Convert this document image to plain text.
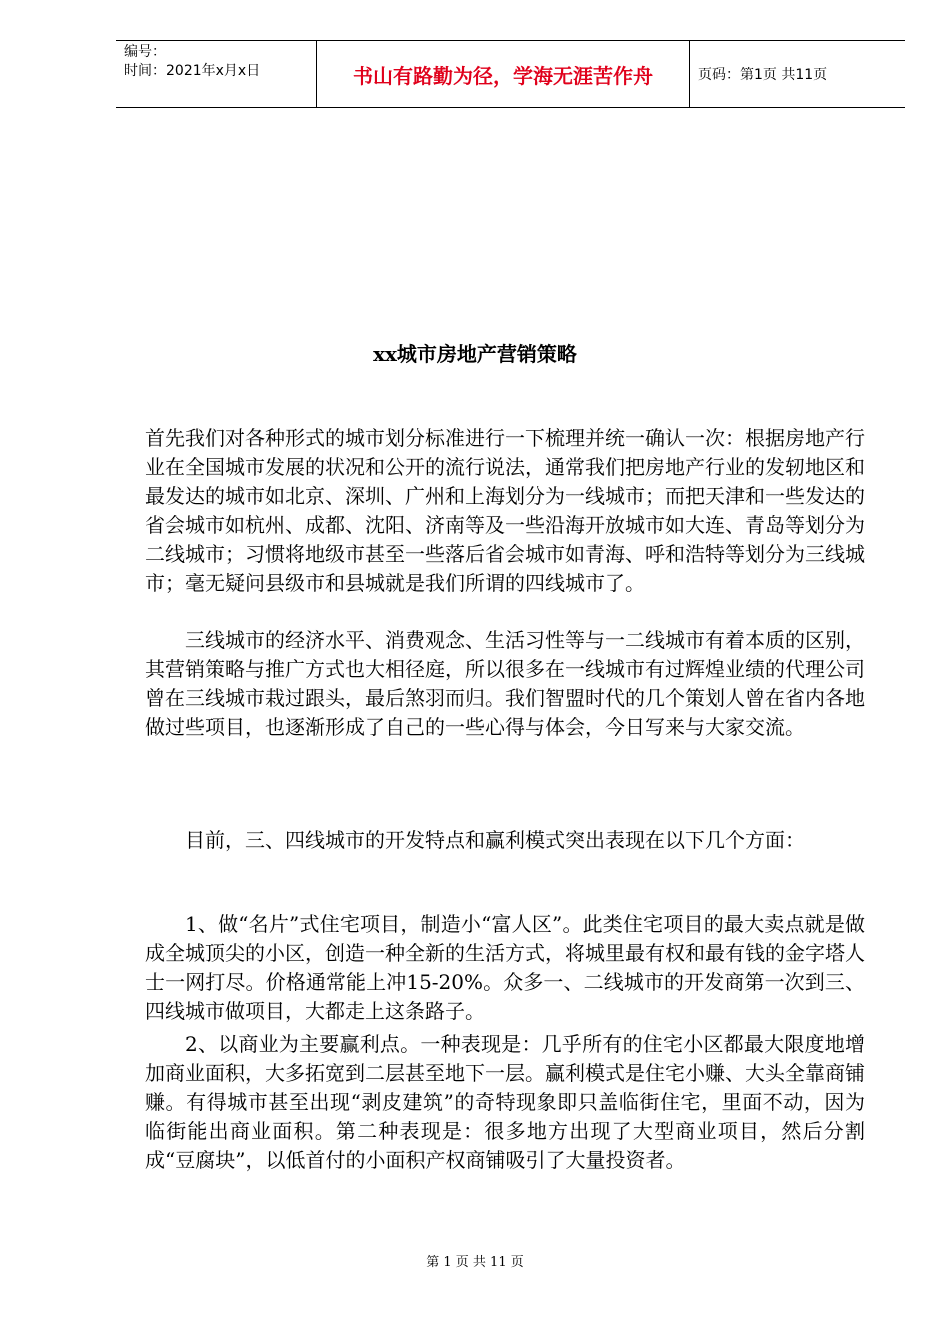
编号：
时间：2021年x月x日	书山有路勤为径，学海无涯苦作舟	页码：第1页 共11页
xx城市房地产营销策略

首先我们对各种形式的城市划分标准进行一下梳理并统一确认一次：根据房地产行业在全国城市发展的状况和公开的流行说法，通常我们把房地产行业的发轫地区和最发达的城市如北京、深圳、广州和上海划分为一线城市；而把天津和一些发达的省会城市如杭州、成都、沈阳、济南等及一些沿海开放城市如大连、青岛等划分为二线城市；习惯将地级市甚至一些落后省会城市如青海、呼和浩特等划分为三线城市；毫无疑问县级市和县城就是我们所谓的四线城市了。

三线城市的经济水平、消费观念、生活习性等与一二线城市有着本质的区别，其营销策略与推广方式也大相径庭，所以很多在一线城市有过辉煌业绩的代理公司曾在三线城市栽过跟头，最后煞羽而归。我们智盟时代的几个策划人曾在省内各地做过些项目，也逐渐形成了自己的一些心得与体会，今日写来与大家交流。

目前，三、四线城市的开发特点和赢利模式突出表现在以下几个方面：

1、做“名片”式住宅项目，制造小“富人区”。此类住宅项目的最大卖点就是做成全城顶尖的小区，创造一种全新的生活方式，将城里最有权和最有钱的金字塔人士一网打尽。价格通常能上冲15-20%。众多一、二线城市的开发商第一次到三、四线城市做项目，大都走上这条路子。

2、以商业为主要赢利点。一种表现是：几乎所有的住宅小区都最大限度地增加商业面积，大多拓宽到二层甚至地下一层。赢利模式是住宅小赚、大头全靠商铺赚。有得城市甚至出现“剥皮建筑”的奇特现象即只盖临街住宅，里面不动，因为临街能出商业面积。第二种表现是：很多地方出现了大型商业项目，然后分割成“豆腐块”，以低首付的小面积产权商铺吸引了大量投资者。

第 1 页 共 11 页
